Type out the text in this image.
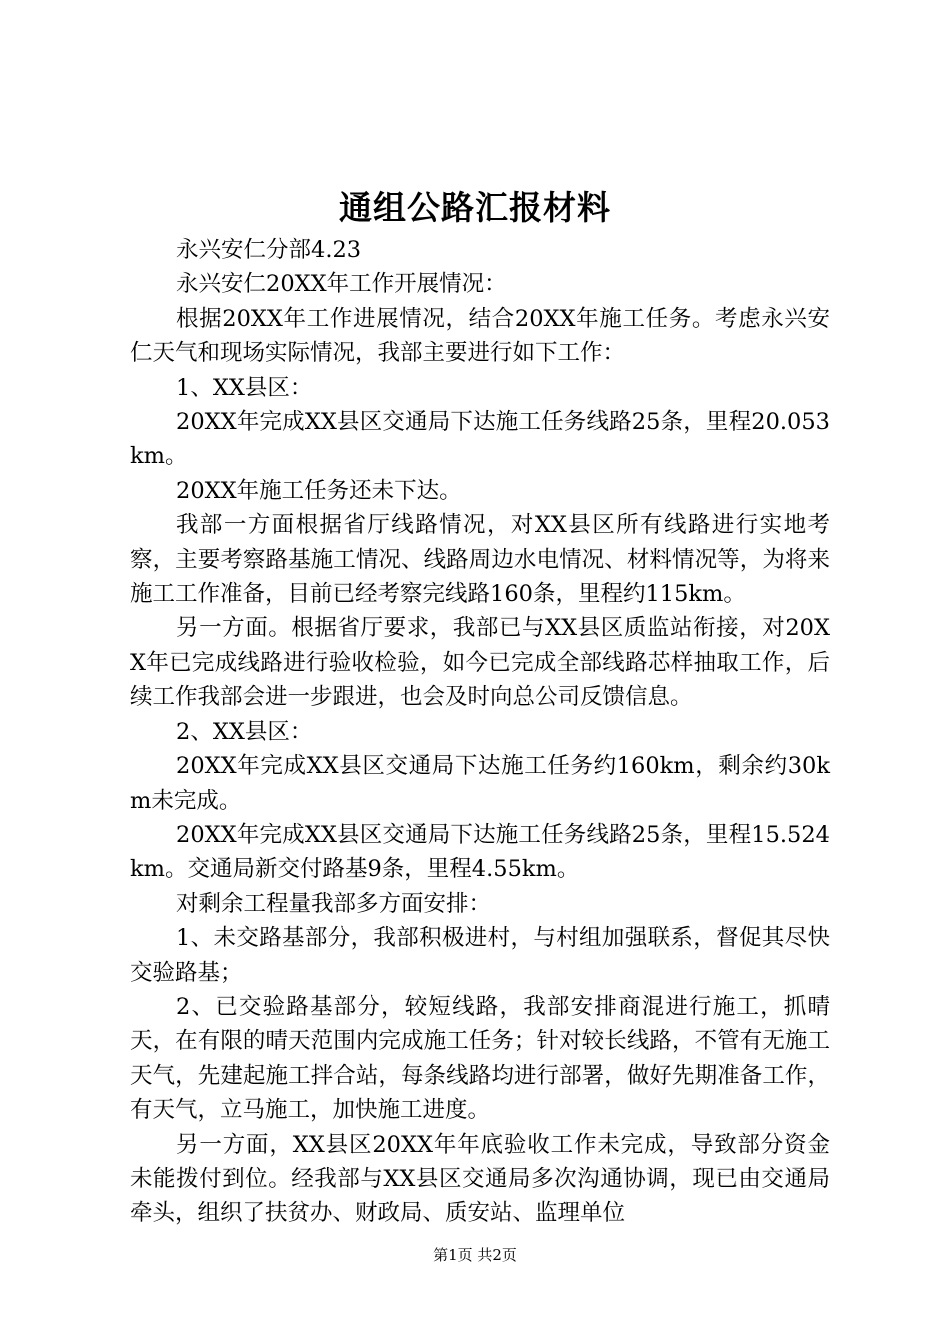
通组公路汇报材料

永兴安仁分部4.23

永兴安仁20XX年工作开展情况：

根据20XX年工作进展情况，结合20XX年施工任务。考虑永兴安仁天气和现场实际情况，我部主要进行如下工作：

1、XX县区：

20XX年完成XX县区交通局下达施工任务线路25条，里程20.053km。

20XX年施工任务还未下达。

我部一方面根据省厅线路情况，对XX县区所有线路进行实地考察，主要考察路基施工情况、线路周边水电情况、材料情况等，为将来施工工作准备，目前已经考察完线路160条，里程约115km。

另一方面。根据省厅要求，我部已与XX县区质监站衔接，对20XX年已完成线路进行验收检验，如今已完成全部线路芯样抽取工作，后续工作我部会进一步跟进，也会及时向总公司反馈信息。

2、XX县区：

20XX年完成XX县区交通局下达施工任务约160km，剩余约30km未完成。

20XX年完成XX县区交通局下达施工任务线路25条，里程15.524km。交通局新交付路基9条，里程4.55km。

对剩余工程量我部多方面安排：

1、未交路基部分，我部积极进村，与村组加强联系，督促其尽快交验路基；

2、已交验路基部分，较短线路，我部安排商混进行施工，抓晴天，在有限的晴天范围内完成施工任务；针对较长线路，不管有无施工天气，先建起施工拌合站，每条线路均进行部署，做好先期准备工作，有天气，立马施工，加快施工进度。

另一方面，XX县区20XX年年底验收工作未完成，导致部分资金未能拨付到位。经我部与XX县区交通局多次沟通协调，现已由交通局牵头，组织了扶贫办、财政局、质安站、监理单位

第1页 共2页
